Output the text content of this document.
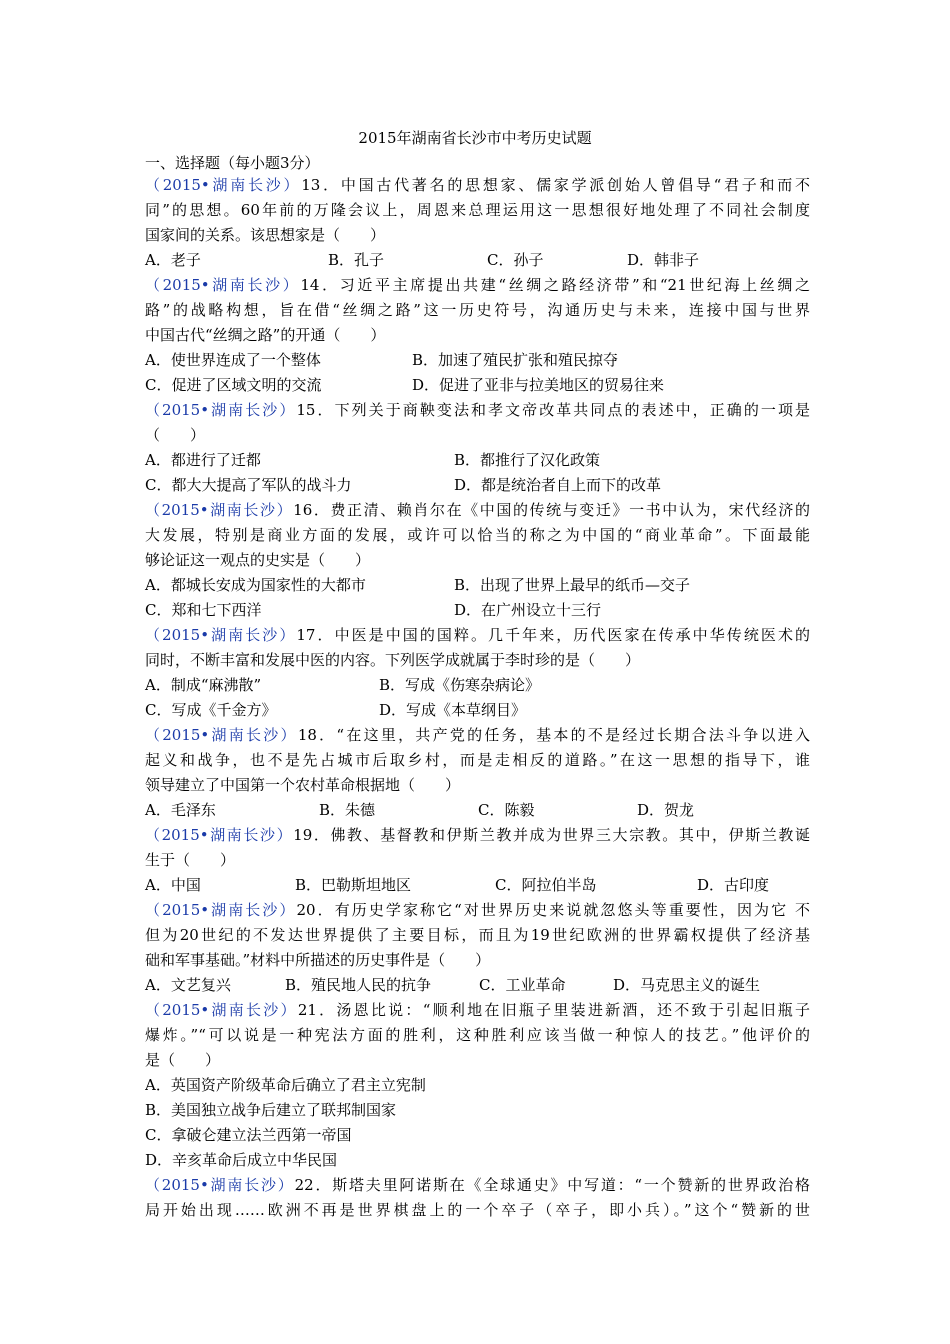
2015年湖南省长沙市中考历史试题
一、选择题（每小题3分）
（2015•湖南长沙）13．中国古代著名的思想家、儒家学派创始人曾倡导“君子和而不
同”的思想。60年前的万隆会议上，周恩来总理运用这一思想很好地处理了不同社会制度
国家间的关系。该思想家是（　　）
A．老子	B．孔子	C．孙子	D．韩非子
（2015•湖南长沙）14．习近平主席提出共建“丝绸之路经济带”和“21世纪海上丝绸之
路”的战略构想，旨在借“丝绸之路”这一历史符号，沟通历史与未来，连接中国与世界
中国古代“丝绸之路”的开通（　　）
A．使世界连成了一个整体	B．加速了殖民扩张和殖民掠夺
C．促进了区域文明的交流	D．促进了亚非与拉美地区的贸易往来
（2015•湖南长沙）15．下列关于商鞅变法和孝文帝改革共同点的表述中，正确的一项是
（　　）
A．都进行了迁都	B．都推行了汉化政策
C．都大大提高了军队的战斗力	D．都是统治者自上而下的改革
（2015•湖南长沙）16．费正清、赖肖尔在《中国的传统与变迁》一书中认为，宋代经济的
大发展，特别是商业方面的发展，或许可以恰当的称之为中国的“商业革命”。下面最能
够论证这一观点的史实是（　　）
A．都城长安成为国家性的大都市	B．出现了世界上最早的纸币—交子
C．郑和七下西洋	D．在广州设立十三行
（2015•湖南长沙）17．中医是中国的国粹。几千年来，历代医家在传承中华传统医术的
同时，不断丰富和发展中医的内容。下列医学成就属于李时珍的是（　　）
A．制成“麻沸散”	B．写成《伤寒杂病论》
C．写成《千金方》	D．写成《本草纲目》
（2015•湖南长沙）18．“在这里，共产党的任务，基本的不是经过长期合法斗争以进入
起义和战争，也不是先占城市后取乡村，而是走相反的道路。”在这一思想的指导下，谁
领导建立了中国第一个农村革命根据地（　　）
A．毛泽东	B．朱德	C．陈毅	D．贺龙
（2015•湖南长沙）19．佛教、基督教和伊斯兰教并成为世界三大宗教。其中，伊斯兰教诞
生于（　　）
A．中国	B．巴勒斯坦地区	C．阿拉伯半岛	D．古印度
（2015•湖南长沙）20．有历史学家称它“对世界历史来说就忽悠头等重要性，因为它 不
但为20世纪的不发达世界提供了主要目标，而且为19世纪欧洲的世界霸权提供了经济基
础和军事基础。”材料中所描述的历史事件是（　　）
A．文艺复兴	B．殖民地人民的抗争	C．工业革命	D．马克思主义的诞生
（2015•湖南长沙）21．汤恩比说：“顺利地在旧瓶子里装进新酒，还不致于引起旧瓶子
爆炸。”“可以说是一种宪法方面的胜利，这种胜利应该当做一种惊人的技艺。”他评价的
是（　　）
A．英国资产阶级革命后确立了君主立宪制
B．美国独立战争后建立了联邦制国家
C．拿破仑建立法兰西第一帝国
D．辛亥革命后成立中华民国
（2015•湖南长沙）22．斯塔夫里阿诺斯在《全球通史》中写道：“一个赞新的世界政治格
局开始出现……欧洲不再是世界棋盘上的一个卒子（卒子，即小兵）。”这个“赞新的世
